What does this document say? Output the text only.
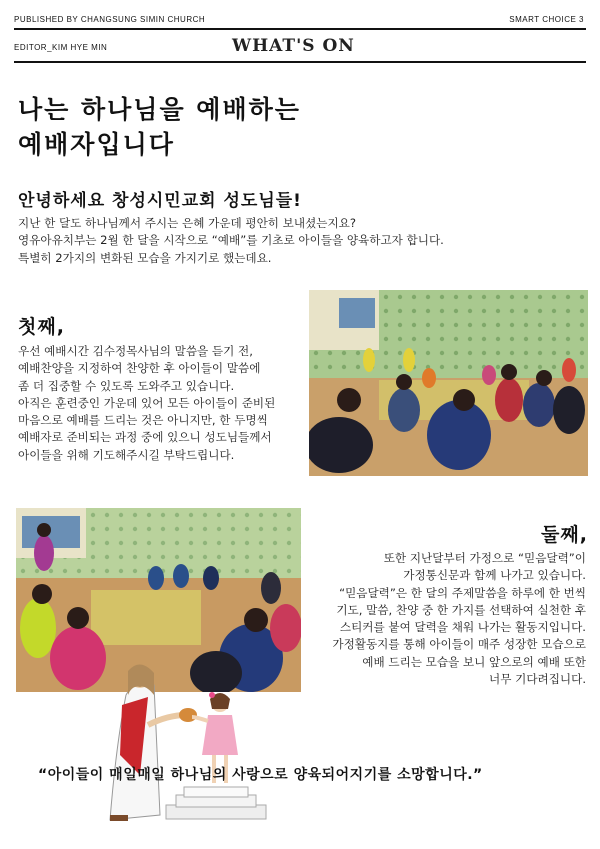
PUBLISHED BY CHANGSUNG SIMIN CHURCH	SMART CHOICE 3
EDITOR_KIM HYE MIN	WHAT'S ON
나는 하나님을 예배하는
예배자입니다
안녕하세요 창성시민교회 성도님들!
지난 한 달도 하나님께서 주시는 은혜 가운데 평안히 보내셨는지요?
영유아유치부는 2월 한 달을 시작으로 “예배”를 기초로 아이들을 양육하고자 합니다.
특별히 2가지의 변화된 모습을 가지기로 했는데요.
첫째,
우선 예배시간 김수정목사님의 말씀을 듣기 전,
예배찬양을 지정하여 찬양한 후 아이들이 말씀에
좀 더 집중할 수 있도록 도와주고 있습니다.
아직은 훈련중인 가운데 있어 모든 아이들이 준비된
마음으로 예배를 드리는 것은 아니지만, 한 두명씩
예배자로 준비되는 과정 중에 있으니 성도님들께서
아이들을 위해 기도해주시길 부탁드립니다.
둘째,
또한 지난달부터 가정으로 “믿음달력”이
가정통신문과 함께 나가고 있습니다.
“믿음달력”은 한 달의 주제말씀을 하루에 한 번씩
기도, 말씀, 찬양 중 한 가지를 선택하여 실천한 후
스티커를 붙여 달력을 채워 나가는 활동지입니다.
가정활동지를 통해 아이들이 매주 성장한 모습으로
예배 드리는 모습을 보니 앞으로의 예배 또한
너무 기다려집니다.
“아이들이 매일매일 하나님의 사랑으로 양육되어지기를 소망합니다.”
